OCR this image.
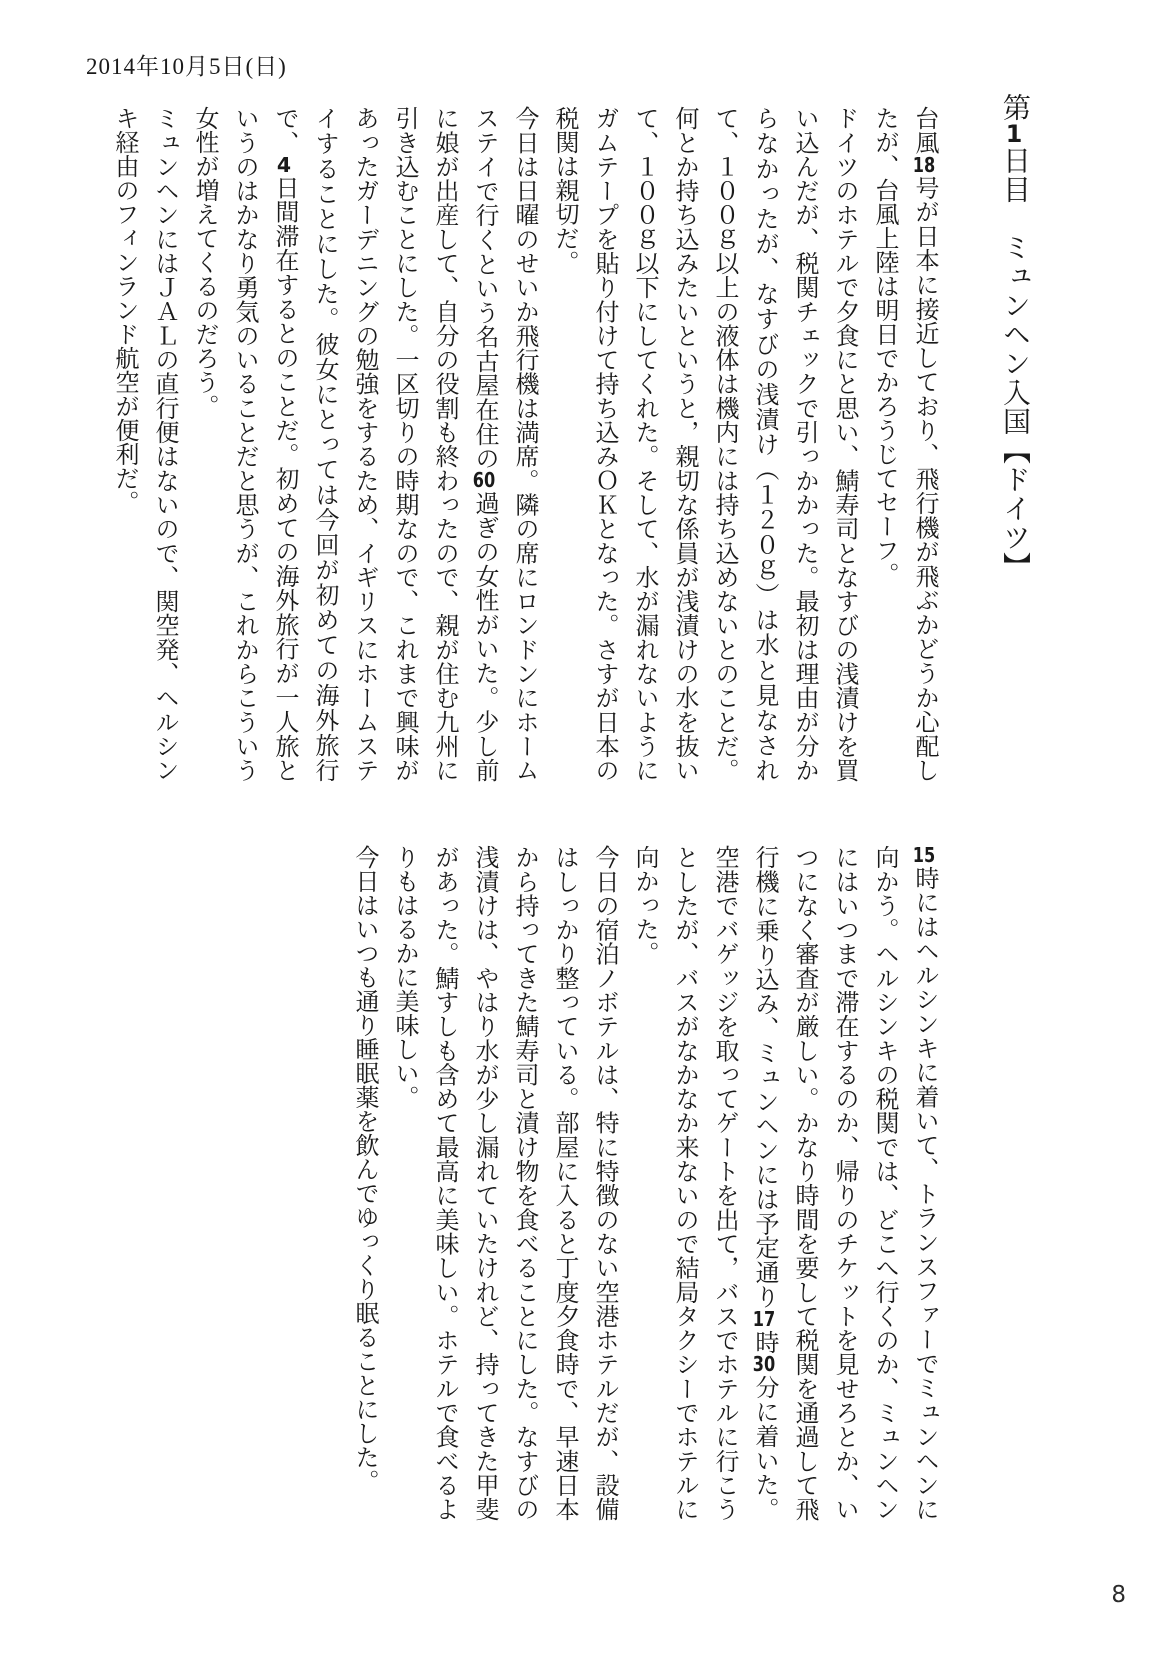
2014年10月5日(日)
第1日目　ミュンヘン入国【ドイツ】

台風18号が日本に接近しており、飛行機が飛ぶかどうか心配したが、台風上陸は明日でかろうじてセーフ。

ドイツのホテルで夕食にと思い、鯖寿司となすびの浅漬けを買い込んだが、税関チェックで引っかかった。最初は理由が分からなかったが、なすびの浅漬け（１２０ｇ）は水と見なされて、１００ｇ以上の液体は機内には持ち込めないとのことだ。何とか持ち込みたいというと，親切な係員が浅漬けの水を抜いて、１００ｇ以下にしてくれた。そして、水が漏れないようにガムテープを貼り付けて持ち込みＯＫとなった。さすが日本の税関は親切だ。

今日は日曜のせいか飛行機は満席。隣の席にロンドンにホームステイで行くという名古屋在住の60過ぎの女性がいた。少し前に娘が出産して、自分の役割も終わったので、親が住む九州に引き込むことにした。一区切りの時期なので、これまで興味があったガーデニングの勉強をするため、イギリスにホームステイすることにした。彼女にとっては今回が初めての海外旅行で、4日間滞在するとのことだ。初めての海外旅行が一人旅というのはかなり勇気のいることだと思うが、これからこういう女性が増えてくるのだろう。

ミュンヘンにはＪＡＬの直行便はないので、関空発、ヘルシンキ経由のフィンランド航空が便利だ。

15時にはヘルシンキに着いて、トランスファーでミュンヘンに向かう。ヘルシンキの税関では、どこへ行くのか、ミュンヘンにはいつまで滞在するのか、帰りのチケットを見せろとか、いつになく審査が厳しい。かなり時間を要して税関を通過して飛行機に乗り込み、ミュンヘンには予定通り17時30分に着いた。空港でバゲッジを取ってゲートを出て，バスでホテルに行こうとしたが、バスがなかなか来ないので結局タクシーでホテルに向かった。

今日の宿泊ノボテルは、特に特徴のない空港ホテルだが、設備はしっかり整っている。部屋に入ると丁度夕食時で、早速日本から持ってきた鯖寿司と漬け物を食べることにした。なすびの浅漬けは、やはり水が少し漏れていたけれど、持ってきた甲斐があった。鯖すしも含めて最高に美味しい。ホテルで食べるよりもはるかに美味しい。

今日はいつも通り睡眠薬を飲んでゆっくり眠ることにした。

8
